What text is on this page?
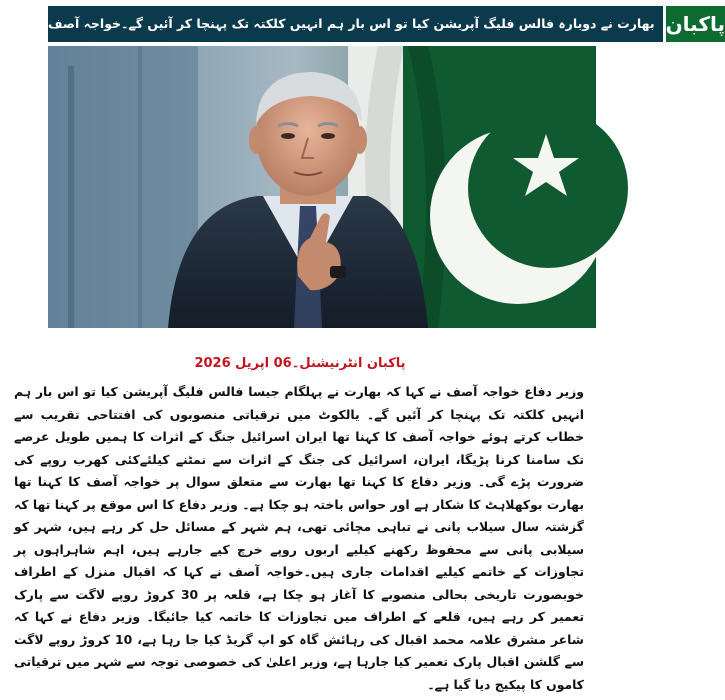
بھارت نے دوبارہ فالس فلیگ آپریشن کیا تو اس بار ہم انہیں کلکتہ تک پہنچا کر آئیں گے۔خواجہ آصف پاکبان
پاکبان انٹرنیشنل۔06 اپریل 2026

وزیر دفاع خواجہ آصف نے کہا کہ بھارت نے پہلگام جیسا فالس فلیگ آپریشن کیا تو اس بار ہم انہیں کلکتہ تک پہنچا کر آئیں گے۔ یالکوٹ میں ترقیاتی منصوبوں کی افتتاحی تقریب سے خطاب کرتے ہوئے خواجہ آصف کا کہنا تھا ایران اسرائیل جنگ کے اثرات کا ہمیں طویل عرصے تک سامنا کرنا پڑیگا، ایران، اسرائیل کی جنگ کے اثرات سے نمٹنے کیلئےکئی کھرب روپے کی ضرورت پڑے گی۔ وزیر دفاع کا کہنا تھا بھارت سے متعلق سوال پر خواجہ آصف کا کہنا تھا بھارت بوکھلاہٹ کا شکار ہے اور حواس باختہ ہو چکا ہے۔ وزیر دفاع کا اس موقع پر کہنا تھا کہ گزشتہ سال سیلاب پانی نے تباہی مچائی تھی، ہم شہر کے مسائل حل کر رہے ہیں، شہر کو سیلابی پانی سے محفوظ رکھنے کیلیے اربوں روپے خرچ کیے جارہے ہیں، اہم شاہراہوں پر تجاوزات کے خاتمے کیلیے اقدامات جاری ہیں۔خواجہ آصف نے کہا کہ اقبال منزل کے اطراف خوبصورت تاریخی بحالی منصوبے کا آغاز ہو چکا ہے، قلعہ پر 30 کروڑ روپے لاگت سے پارک تعمیر کر رہے ہیں، قلعے کے اطراف میں تجاوزات کا خاتمہ کیا جائیگا۔ وزیر دفاع نے کہا کہ شاعر مشرق علامہ محمد اقبال کی رہائش گاہ کو اپ گریڈ کیا جا رہا ہے، 10 کروڑ روپے لاگت سے گلشن اقبال پارک تعمیر کیا جارہا ہے، وزیر اعلیٰ کی خصوصی توجہ سے شہر میں ترقیاتی کاموں کا پیکیج دیا گیا ہے۔
